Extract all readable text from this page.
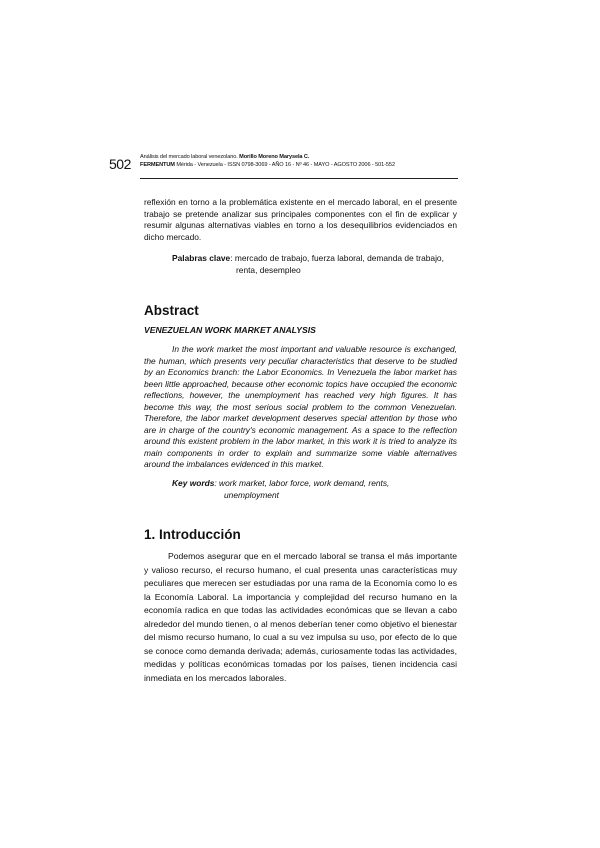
502 Análisis del mercado laboral venezolano. Morillo Moreno Marysela C.
FERMENTUM Mérida - Venezuela - ISSN 0798-3069 - AÑO 16 - Nº 46 - MAYO - AGOSTO 2006 - 501-552

reflexión en torno a la problemática existente en el mercado laboral, en el presente trabajo se pretende analizar sus principales componentes con el fin de explicar y resumir algunas alternativas viables en torno a los desequilibrios evidenciados en dicho mercado.

Palabras clave: mercado de trabajo, fuerza laboral, demanda de trabajo,
renta, desempleo
Abstract
VENEZUELAN WORK MARKET ANALYSIS

In the work market the most important and valuable resource is exchanged, the human, which presents very peculiar characteristics that deserve to be studied by an Economics branch: the Labor Economics. In Venezuela the labor market has been little approached, because other economic topics have occupied the economic reflections, however, the unemployment has reached very high figures. It has become this way, the most serious social problem to the common Venezuelan. Therefore, the labor market development deserves special attention by those who are in charge of the country's economic management. As a space to the reflection around this existent problem in the labor market, in this work it is tried to analyze its main components in order to explain and summarize some viable alternatives around the imbalances evidenced in this market.

Key words: work market, labor force, work demand, rents,
unemployment
1. Introducción

Podemos asegurar que en el mercado laboral se transa el más importante y valioso recurso, el recurso humano, el cual presenta unas características muy peculiares que merecen ser estudiadas por una rama de la Economía como lo es la Economía Laboral. La importancia y complejidad del recurso humano en la economía radica en que todas las actividades económicas que se llevan a cabo alrededor del mundo tienen, o al menos deberían tener como objetivo el bienestar del mismo recurso humano, lo cual a su vez impulsa su uso, por efecto de lo que se conoce como demanda derivada; además, curiosamente todas las actividades, medidas y políticas económicas tomadas por los países, tienen incidencia casi inmediata en los mercados laborales.
